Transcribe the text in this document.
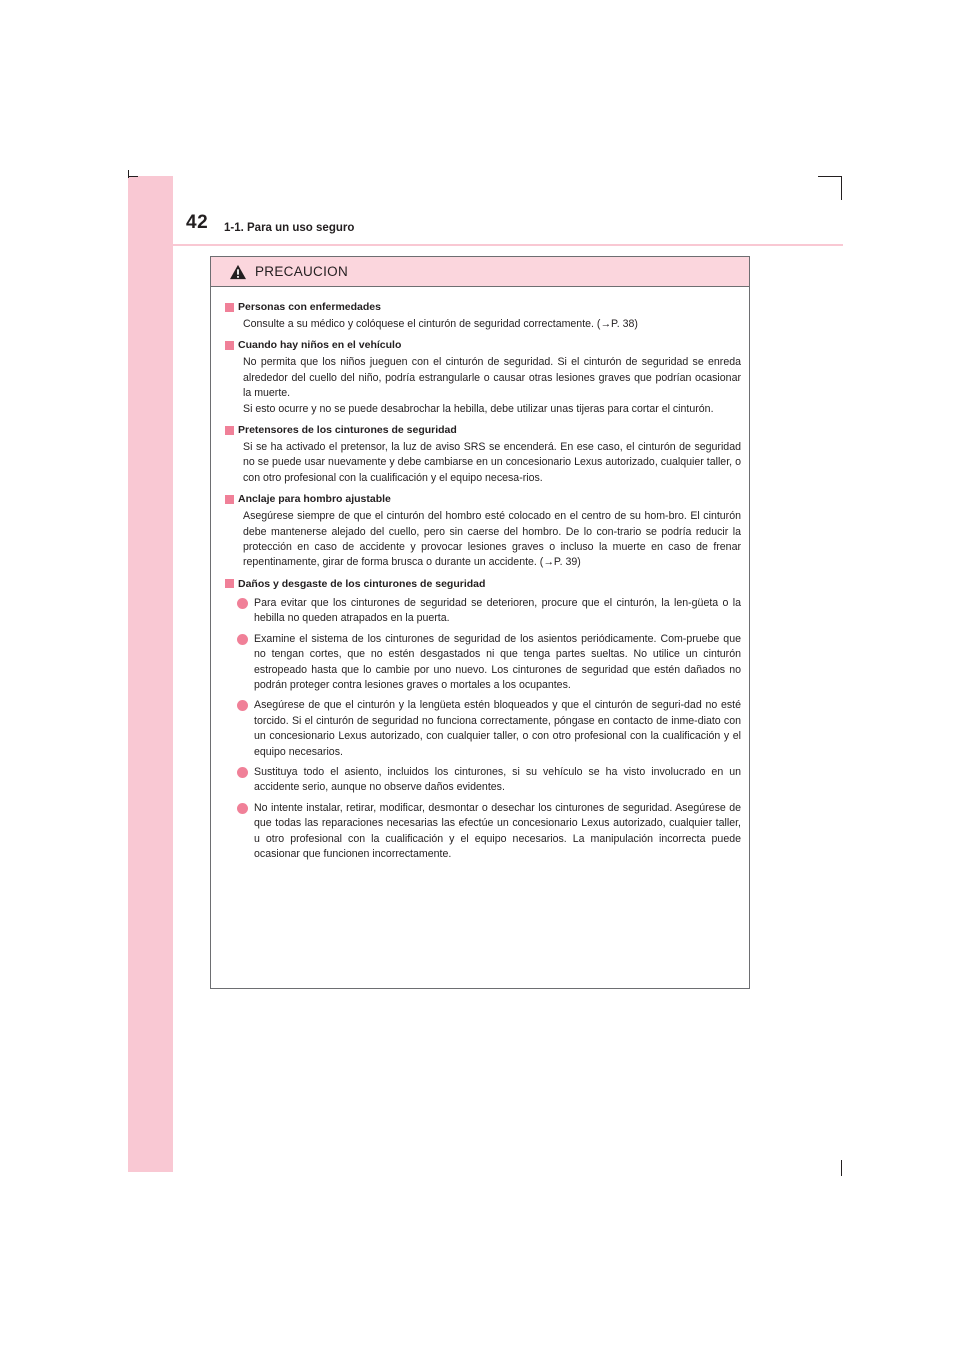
42 1-1. Para un uso seguro
PRECAUCION
Personas con enfermedades

Consulte a su médico y colóquese el cinturón de seguridad correctamente. (→P. 38)

Cuando hay niños en el vehículo

No permita que los niños jueguen con el cinturón de seguridad. Si el cinturón de seguridad se enreda alrededor del cuello del niño, podría estrangularle o causar otras lesiones graves que podrían ocasionar la muerte.

Si esto ocurre y no se puede desabrochar la hebilla, debe utilizar unas tijeras para cortar el cinturón.

Pretensores de los cinturones de seguridad

Si se ha activado el pretensor, la luz de aviso SRS se encenderá. En ese caso, el cinturón de seguridad no se puede usar nuevamente y debe cambiarse en un concesionario Lexus autorizado, cualquier taller, o con otro profesional con la cualificación y el equipo necesa-rios.

Anclaje para hombro ajustable

Asegúrese siempre de que el cinturón del hombro esté colocado en el centro de su hom-bro. El cinturón debe mantenerse alejado del cuello, pero sin caerse del hombro. De lo con-trario se podría reducir la protección en caso de accidente y provocar lesiones graves o incluso la muerte en caso de frenar repentinamente, girar de forma brusca o durante un accidente. (→P. 39)

Daños y desgaste de los cinturones de seguridad
Para evitar que los cinturones de seguridad se deterioren, procure que el cinturón, la len-güeta o la hebilla no queden atrapados en la puerta.
Examine el sistema de los cinturones de seguridad de los asientos periódicamente. Com-pruebe que no tengan cortes, que no estén desgastados ni que tenga partes sueltas. No utilice un cinturón estropeado hasta que lo cambie por uno nuevo. Los cinturones de seguridad que estén dañados no podrán proteger contra lesiones graves o mortales a los ocupantes.
Asegúrese de que el cinturón y la lengüeta estén bloqueados y que el cinturón de seguri-dad no esté torcido. Si el cinturón de seguridad no funciona correctamente, póngase en contacto de inme-diato con un concesionario Lexus autorizado, con cualquier taller, o con otro profesional con la cualificación y el equipo necesarios.
Sustituya todo el asiento, incluidos los cinturones, si su vehículo se ha visto involucrado en un accidente serio, aunque no observe daños evidentes.
No intente instalar, retirar, modificar, desmontar o desechar los cinturones de seguridad. Asegúrese de que todas las reparaciones necesarias las efectúe un concesionario Lexus autorizado, cualquier taller, u otro profesional con la cualificación y el equipo necesarios. La manipulación incorrecta puede ocasionar que funcionen incorrectamente.
